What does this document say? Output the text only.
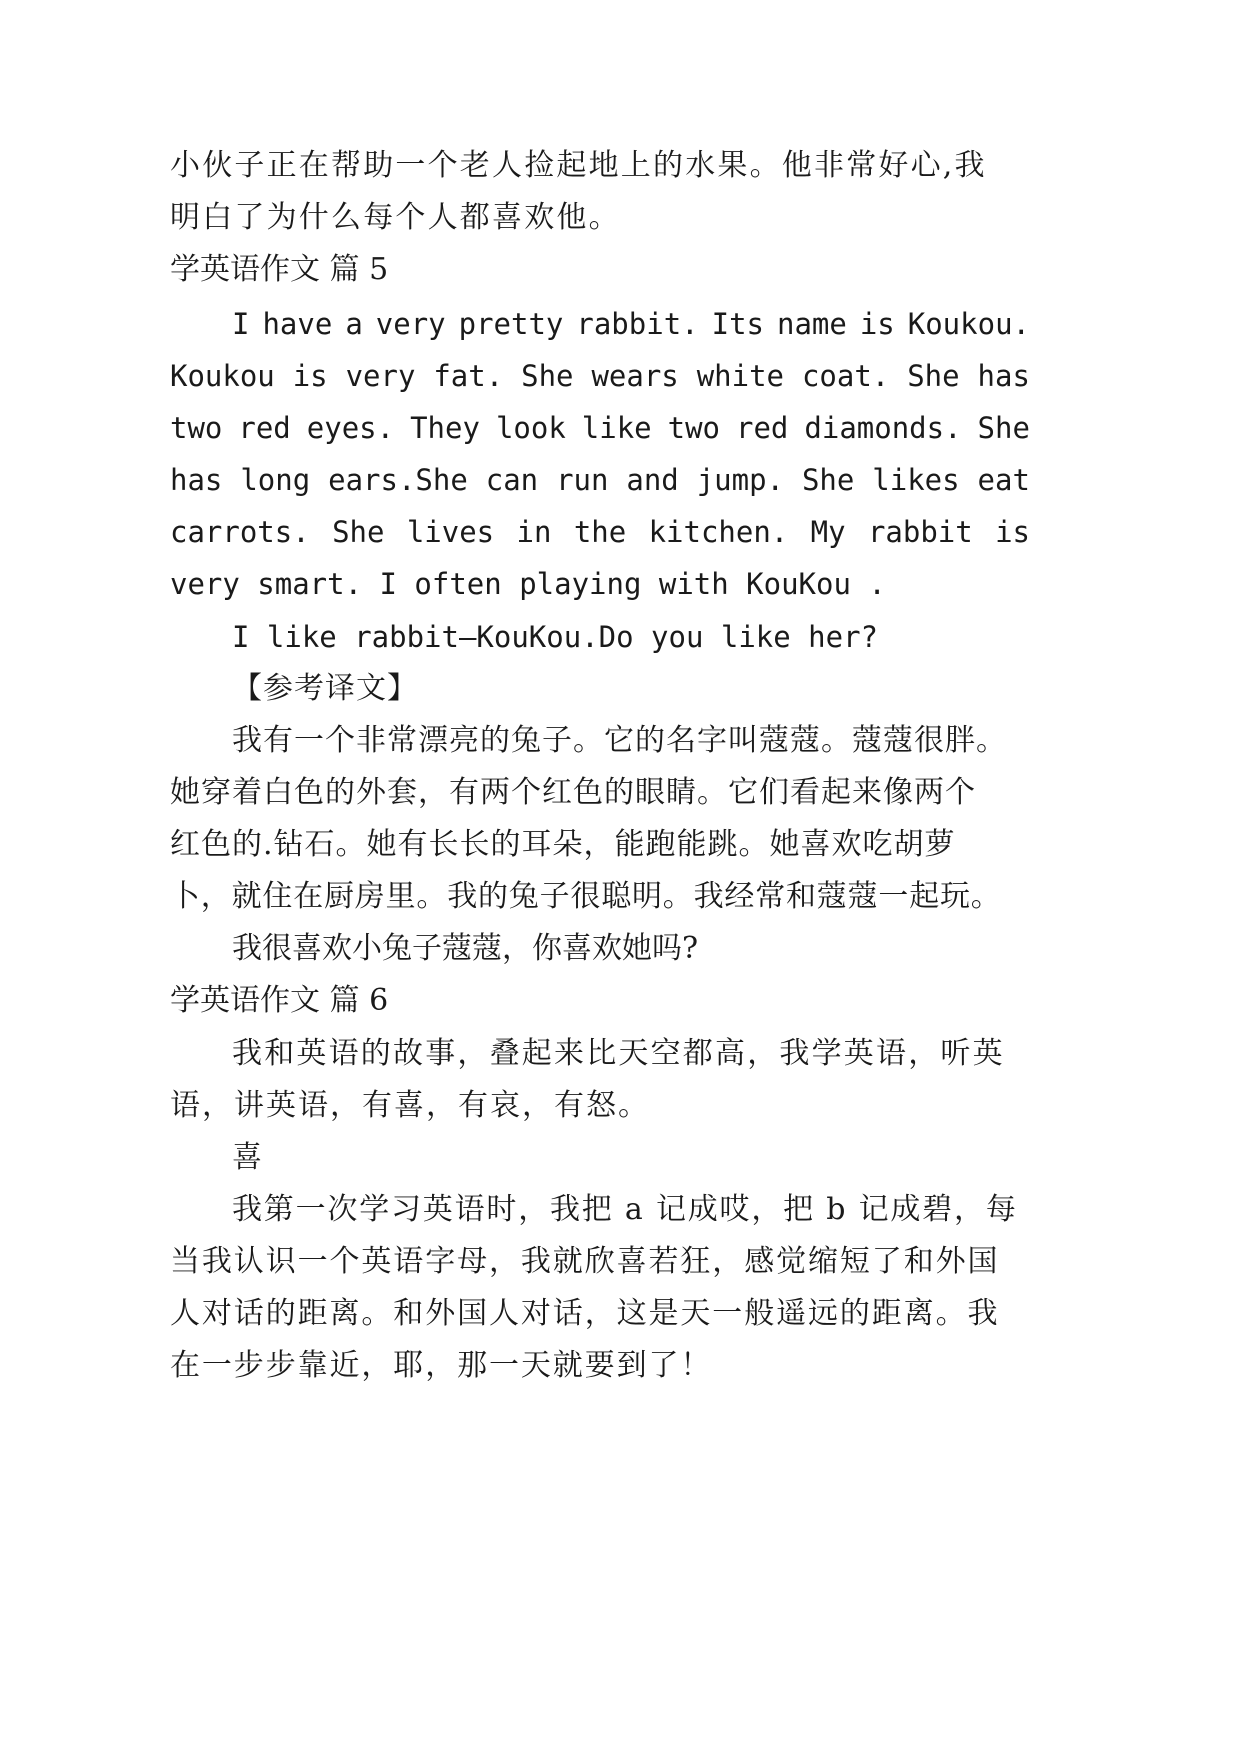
小伙子正在帮助一个老人捡起地上的水果。他非常好心,我
明白了为什么每个人都喜欢他。
学英语作文 篇 5
I have a very pretty rabbit. Its name is Koukou.
Koukou is very fat. She wears white coat. She has
two red eyes. They look like two red diamonds. She
has long ears.She can run and jump. She likes eat
carrots. She lives in the kitchen. My rabbit is
very smart. I often playing with KouKou .
I like rabbit—KouKou.Do you like her?
【参考译文】
我有一个非常漂亮的兔子。它的名字叫蔻蔻。蔻蔻很胖。
她穿着白色的外套，有两个红色的眼睛。它们看起来像两个
红色的.钻石。她有长长的耳朵，能跑能跳。她喜欢吃胡萝
卜，就住在厨房里。我的兔子很聪明。我经常和蔻蔻一起玩。
我很喜欢小兔子蔻蔻，你喜欢她吗?
学英语作文 篇 6
我和英语的故事，叠起来比天空都高，我学英语，听英
语，讲英语，有喜，有哀，有怒。
喜
我第一次学习英语时，我把 a 记成哎，把 b 记成碧，每
当我认识一个英语字母，我就欣喜若狂，感觉缩短了和外国
人对话的距离。和外国人对话，这是天一般遥远的距离。我
在一步步靠近，耶，那一天就要到了！
